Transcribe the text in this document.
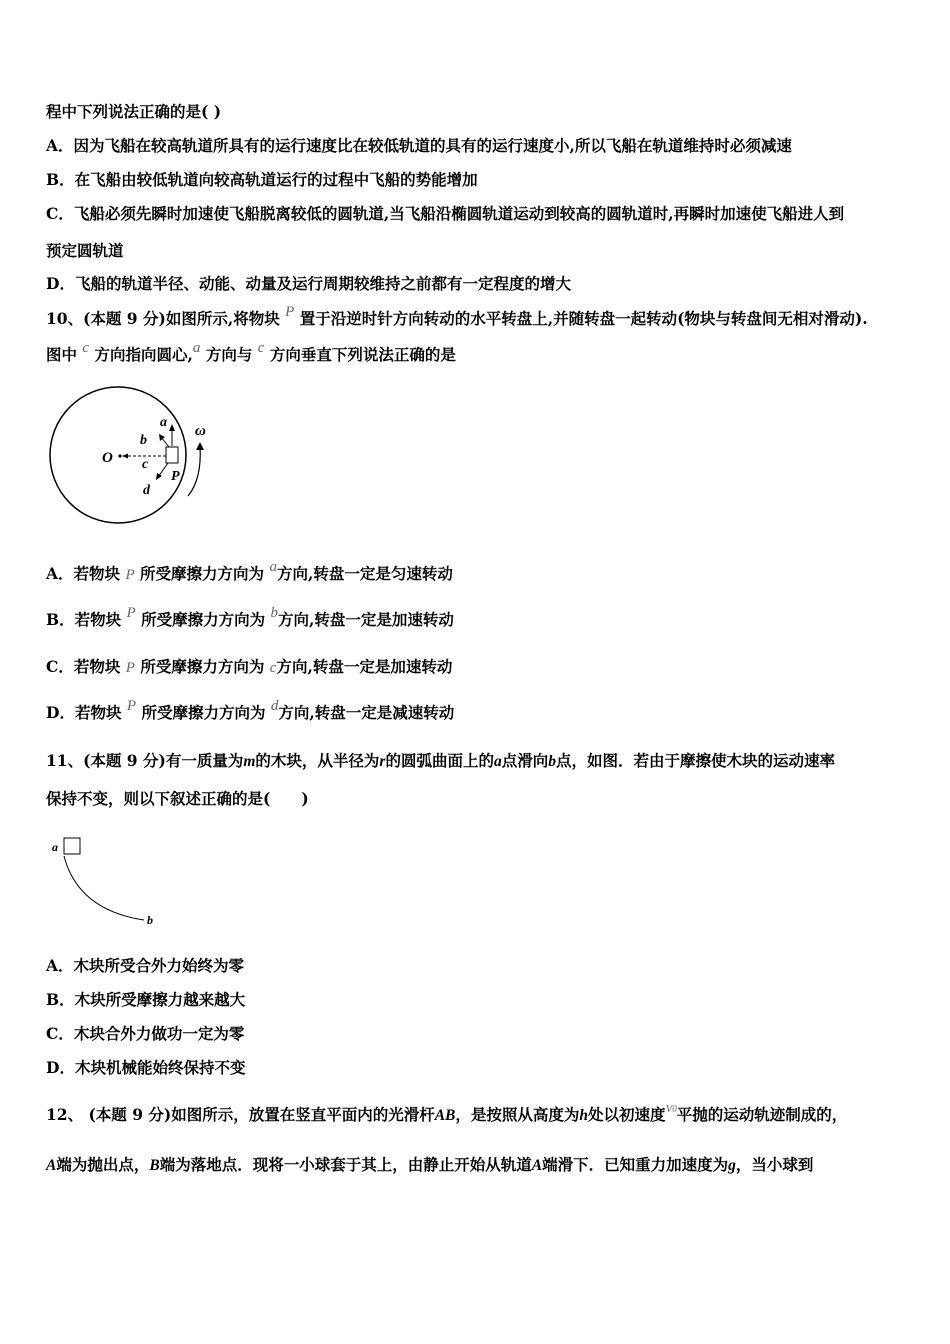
程中下列说法正确的是( )
A．因为飞船在较高轨道所具有的运行速度比在较低轨道的具有的运行速度小,所以飞船在轨道维持时必须减速
B．在飞船由较低轨道向较高轨道运行的过程中飞船的势能增加
C．飞船必须先瞬时加速使飞船脱离较低的圆轨道,当飞船沿椭圆轨道运动到较高的圆轨道时,再瞬时加速使飞船进人到
预定圆轨道
D．飞船的轨道半径、动能、动量及运行周期较维持之前都有一定程度的增大
10、(本题 9 分)如图所示,将物块 P 置于沿逆时针方向转动的水平转盘上,并随转盘一起转动(物块与转盘间无相对滑动).
图中 c 方向指向圆心,a 方向与 c 方向垂直下列说法正确的是
O
a
b
c
d
P
ω
A．若物块 P 所受摩擦力方向为 a方向,转盘一定是匀速转动
B．若物块 P 所受摩擦力方向为 b方向,转盘一定是加速转动
C．若物块 P 所受摩擦力方向为 c方向,转盘一定是加速转动
D．若物块 P 所受摩擦力方向为 d方向,转盘一定是减速转动
11、(本题 9 分)有一质量为m的木块，从半径为r的圆弧曲面上的a点滑向b点，如图．若由于摩擦使木块的运动速率
保持不变，则以下叙述正确的是(　　)
a
b
A．木块所受合外力始终为零
B．木块所受摩擦力越来越大
C．木块合外力做功一定为零
D．木块机械能始终保持不变
12、 (本题 9 分)如图所示，放置在竖直平面内的光滑杆AB，是按照从高度为h处以初速度$^{V0}$平抛的运动轨迹制成的，
A端为抛出点，B端为落地点．现将一小球套于其上，由静止开始从轨道A端滑下．已知重力加速度为g，当小球到
